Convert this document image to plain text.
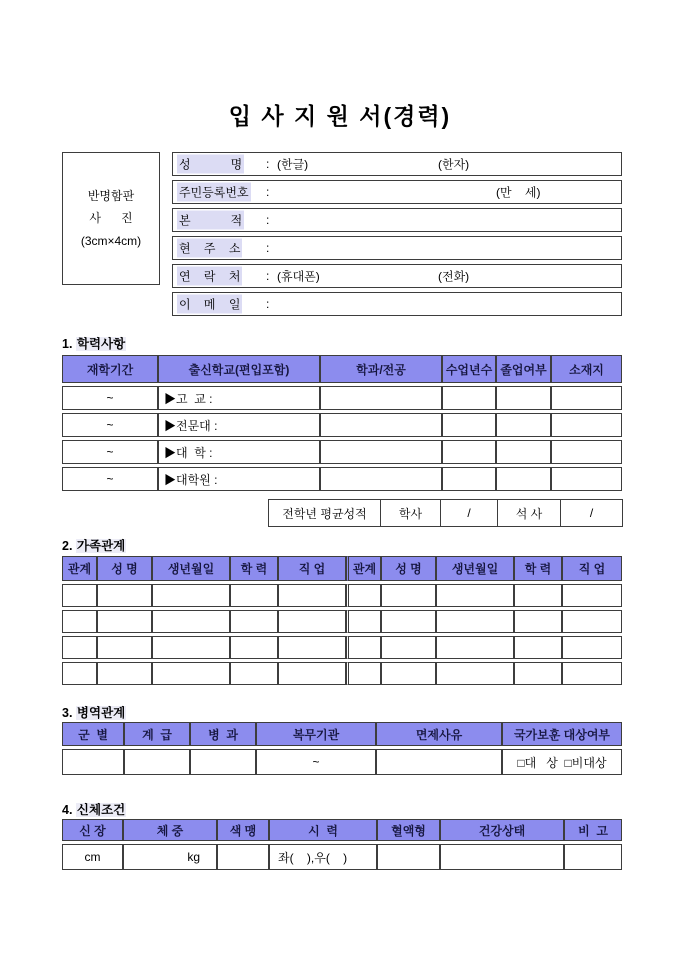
입 사 지 원 서(경력)
반명함판
사      진
(3cm×4cm)
성            명 : (한글)	(한자)
주민등록번호 :	(만    세)
본            적 :
현    주    소 :
연    락    처 : (휴대폰)	(전화)
이    메    일 :
1. 학력사항
재학기간	출신학교(편입포함)	학과/전공	수업년수	졸업여부	소재지
~	▶고  교 :				
~	▶전문대 :				
~	▶대  학 :				
~	▶대학원 :				
전학년 평균성적	학사	/	석 사	/
2. 가족관계
관계	성 명	생년월일	학 력	직 업	관계	성 명	생년월일	학 력	직 업

3. 병역관계
군  별	계  급	병  과	복무기관	면제사유	국가보훈 대상여부
			~		□대   상  □비대상
4. 신체조건
신 장	체 중	색 맹	시  력	혈액형	건강상태	비  고
cm	kg		좌(    ),우(    )			
